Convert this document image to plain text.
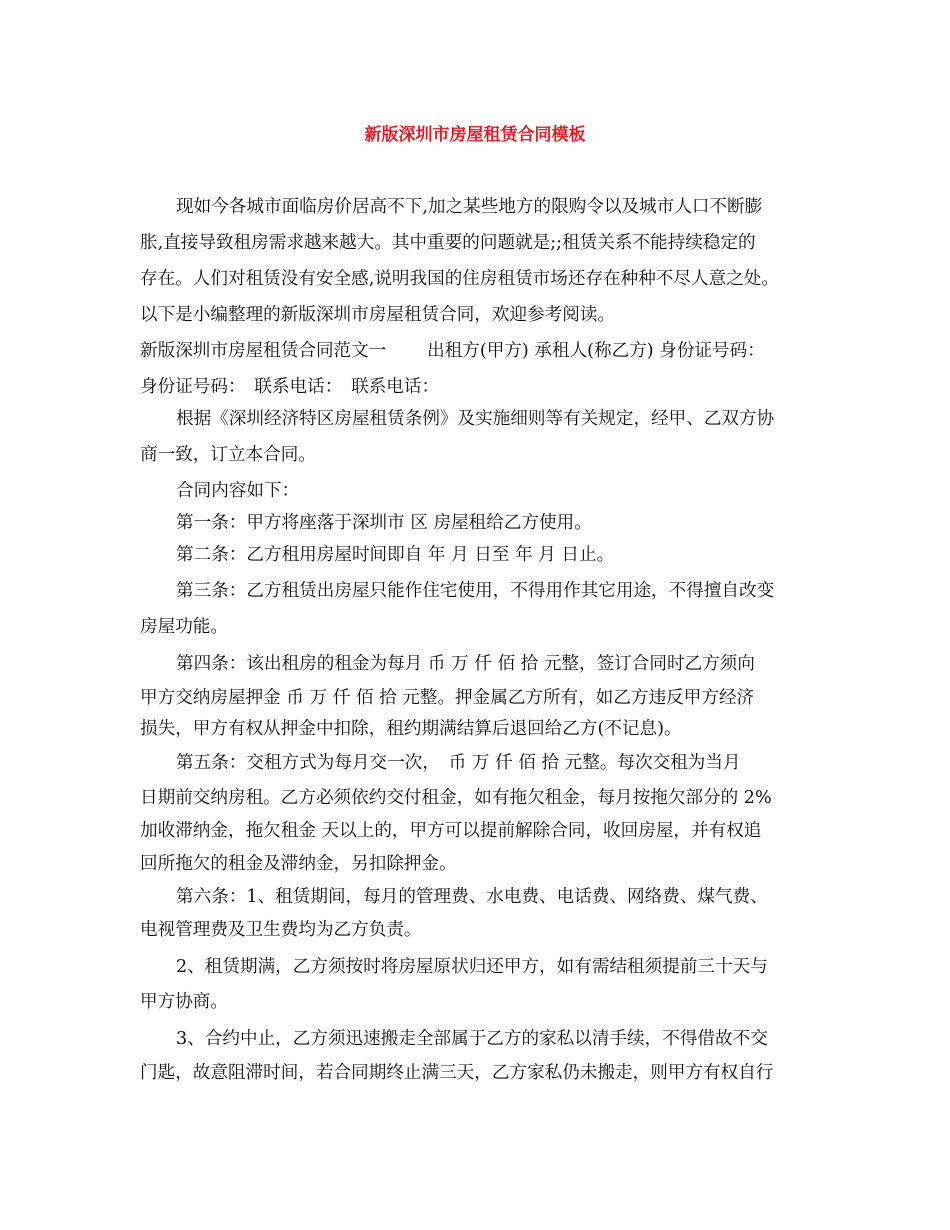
新版深圳市房屋租赁合同模板
现如今各城市面临房价居高不下,加之某些地方的限购令以及城市人口不断膨
胀,直接导致租房需求越来越大。其中重要的问题就是;;租赁关系不能持续稳定的
存在。人们对租赁没有安全感,说明我国的住房租赁市场还存在种种不尽人意之处。
以下是小编整理的新版深圳市房屋租赁合同，欢迎参考阅读。
新版深圳市房屋租赁合同范文一　　 出租方(甲方) 承租人(称乙方) 身份证号码：
身份证号码：　联系电话：　联系电话：
根据《深圳经济特区房屋租赁条例》及实施细则等有关规定，经甲、乙双方协
商一致，订立本合同。
合同内容如下：
第一条：甲方将座落于深圳市 区 房屋租给乙方使用。
第二条：乙方租用房屋时间即自 年 月 日至 年 月 日止。
第三条：乙方租赁出房屋只能作住宅使用，不得用作其它用途，不得擅自改变
房屋功能。
第四条：该出租房的租金为每月 币 万 仟 佰 拾 元整，签订合同时乙方须向
甲方交纳房屋押金 币 万 仟 佰 拾 元整。押金属乙方所有，如乙方违反甲方经济
损失，甲方有权从押金中扣除，租约期满结算后退回给乙方(不记息)。
第五条：交租方式为每月交一次，　币 万 仟 佰 拾 元整。每次交租为当月
日期前交纳房租。乙方必须依约交付租金，如有拖欠租金，每月按拖欠部分的 2%
加收滞纳金，拖欠租金 天以上的，甲方可以提前解除合同，收回房屋，并有权追
回所拖欠的租金及滞纳金，另扣除押金。
第六条：1、租赁期间，每月的管理费、水电费、电话费、网络费、煤气费、
电视管理费及卫生费均为乙方负责。
2、租赁期满，乙方须按时将房屋原状归还甲方，如有需结租须提前三十天与
甲方协商。
3、合约中止，乙方须迅速搬走全部属于乙方的家私以清手续，不得借故不交
门匙，故意阻滞时间，若合同期终止满三天，乙方家私仍未搬走，则甲方有权自行
